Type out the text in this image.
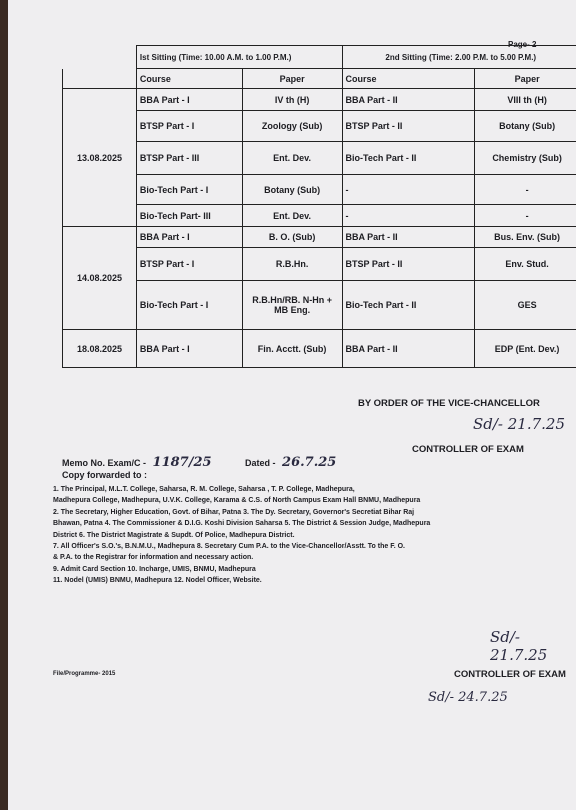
Page- 2
	Ist Sitting (Time: 10.00 A.M. to 1.00 P.M.)		2nd Sitting (Time: 2.00 P.M. to 5.00 P.M.)	
	Course	Paper	Course	Paper
13.08.2025	BBA Part - I	IV th (H)	BBA Part - II	VIII th (H)
	BTSP Part - I	Zoology (Sub)	BTSP Part - II	Botany (Sub)
	BTSP Part - III	Ent. Dev.	Bio-Tech Part - II	Chemistry (Sub)
	Bio-Tech Part - I	Botany (Sub)	-	-
	Bio-Tech Part- III	Ent. Dev.	-	-
14.08.2025	BBA Part - I	B. O. (Sub)	BBA Part - II	Bus. Env. (Sub)
	BTSP Part - I	R.B.Hn.	BTSP Part - II	Env. Stud.
	Bio-Tech Part - I	R.B.Hn/RB. N-Hn + MB Eng.	Bio-Tech Part - II	GES
18.08.2025	BBA Part - I	Fin. Acctt. (Sub)	BBA Part - II	EDP (Ent. Dev.)
BY ORDER OF THE VICE-CHANCELLOR
Sd/- 21.7.25
CONTROLLER OF EXAM
Memo No. Exam/C - 1187/25	Dated - 26.7.25
Copy forwarded to :
1. The Principal, M.L.T. College, Saharsa, R. M. College, Saharsa , T. P. College, Madhepura,
Madhepura College, Madhepura, U.V.K. College, Karama & C.S. of North Campus Exam Hall BNMU, Madhepura
2. The Secretary, Higher Education, Govt. of Bihar, Patna 3. The Dy. Secretary, Governor's Secretiat Bihar Raj
Bhawan, Patna 4. The Commissioner & D.I.G. Koshi Division Saharsa 5. The District & Session Judge, Madhepura
District 6. The District Magistrate & Supdt. Of Police, Madhepura District.
7. All Officer's S.O.'s, B.N.M.U., Madhepura 8. Secretary Cum P.A. to the Vice-Chancellor/Asstt. To the F. O.
& P.A. to the Registrar for information and necessary action.
9. Admit Card Section 10. Incharge, UMIS, BNMU, Madhepura
11. Nodel (UMIS) BNMU, Madhepura 12. Nodel Officer, Website.
Sd/- 21.7.25
CONTROLLER OF EXAM
File/Programme- 2015
Sd/- 24.7.25
